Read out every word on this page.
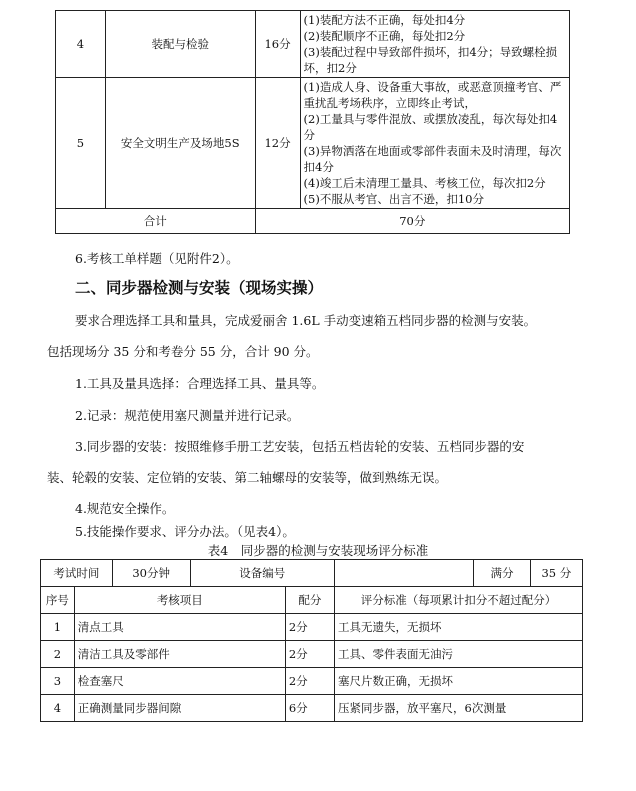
4	装配与检验	16分	(1)装配方法不正确，每处扣4分
(2)装配顺序不正确，每处扣2分
(3)装配过程中导致部件损坏，扣4分；导致螺栓损坏，扣2分

5	安全文明生产及场地5S	12分	(1)造成人身、设备重大事故，或恶意顶撞考官、严重扰乱考场秩序，立即终止考试，
(2)工量具与零件混放、或摆放凌乱，每次每处扣4分
(3)异物洒落在地面或零部件表面未及时清理，每次扣4分
(4)竣工后未清理工量具、考核工位，每次扣2分
(5)不服从考官、出言不逊，扣10分

合计		70分	
6.考核工单样题（见附件2）。
二、同步器检测与安装（现场实操）
要求合理选择工具和量具，完成爱丽舍 1.6L 手动变速箱五档同步器的检测与安装。
包括现场分 35 分和考卷分 55 分，合计 90 分。
1.工具及量具选择：合理选择工具、量具等。
2.记录：规范使用塞尺测量并进行记录。
3.同步器的安装：按照维修手册工艺安装，包括五档齿轮的安装、五档同步器的安
装、轮毂的安装、定位销的安装、第二轴螺母的安装等，做到熟练无误。
4.规范安全操作。
5.技能操作要求、评分办法。（见表4）。
表4　同步器的检测与安装现场评分标准
考试时间		30分钟	设备编号			满分	35 分
序号	考核项目			配分	评分标准（每项累计扣分不超过配分）		
1	清点工具			2分	工具无遗失，无损坏		
2	清洁工具及零部件			2分	工具、零件表面无油污		
3	检查塞尺			2分	塞尺片数正确，无损坏		
4	正确测量同步器间隙			6分	压紧同步器，放平塞尺，6次测量		
